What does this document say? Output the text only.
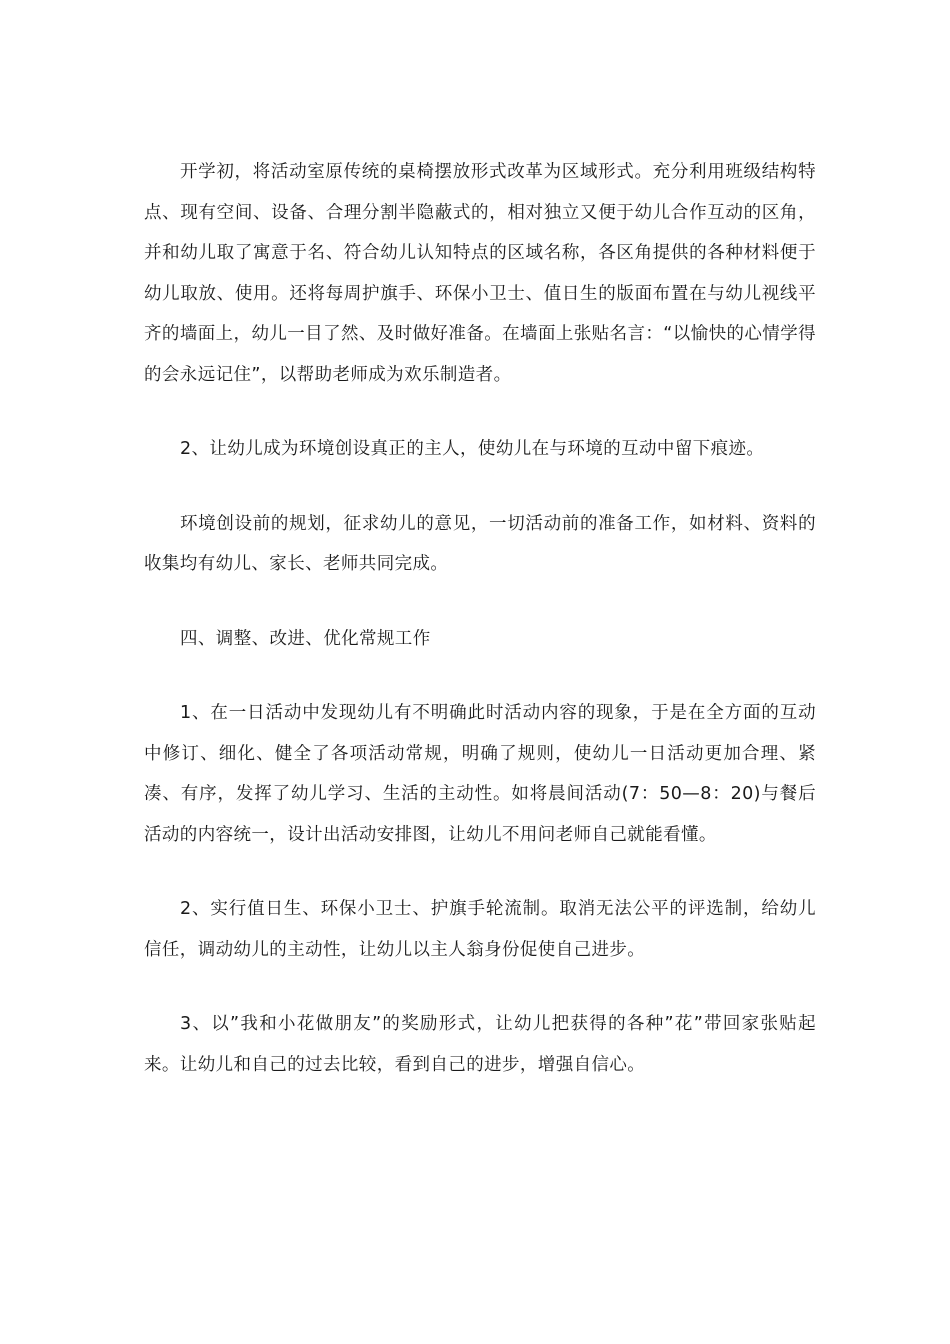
开学初，将活动室原传统的桌椅摆放形式改革为区域形式。充分利用班级结构特点、现有空间、设备、合理分割半隐蔽式的，相对独立又便于幼儿合作互动的区角，并和幼儿取了寓意于名、符合幼儿认知特点的区域名称，各区角提供的各种材料便于幼儿取放、使用。还将每周护旗手、环保小卫士、值日生的版面布置在与幼儿视线平齐的墙面上，幼儿一目了然、及时做好准备。在墙面上张贴名言：“以愉快的心情学得的会永远记住”，以帮助老师成为欢乐制造者。

2、让幼儿成为环境创设真正的主人，使幼儿在与环境的互动中留下痕迹。

环境创设前的规划，征求幼儿的意见，一切活动前的准备工作，如材料、资料的收集均有幼儿、家长、老师共同完成。

四、调整、改进、优化常规工作

1、在一日活动中发现幼儿有不明确此时活动内容的现象，于是在全方面的互动中修订、细化、健全了各项活动常规，明确了规则，使幼儿一日活动更加合理、紧凑、有序，发挥了幼儿学习、生活的主动性。如将晨间活动(7：50—8：20)与餐后活动的内容统一，设计出活动安排图，让幼儿不用问老师自己就能看懂。

2、实行值日生、环保小卫士、护旗手轮流制。取消无法公平的评选制，给幼儿信任，调动幼儿的主动性，让幼儿以主人翁身份促使自己进步。

3、以”我和小花做朋友”的奖励形式，让幼儿把获得的各种”花”带回家张贴起来。让幼儿和自己的过去比较，看到自己的进步，增强自信心。
